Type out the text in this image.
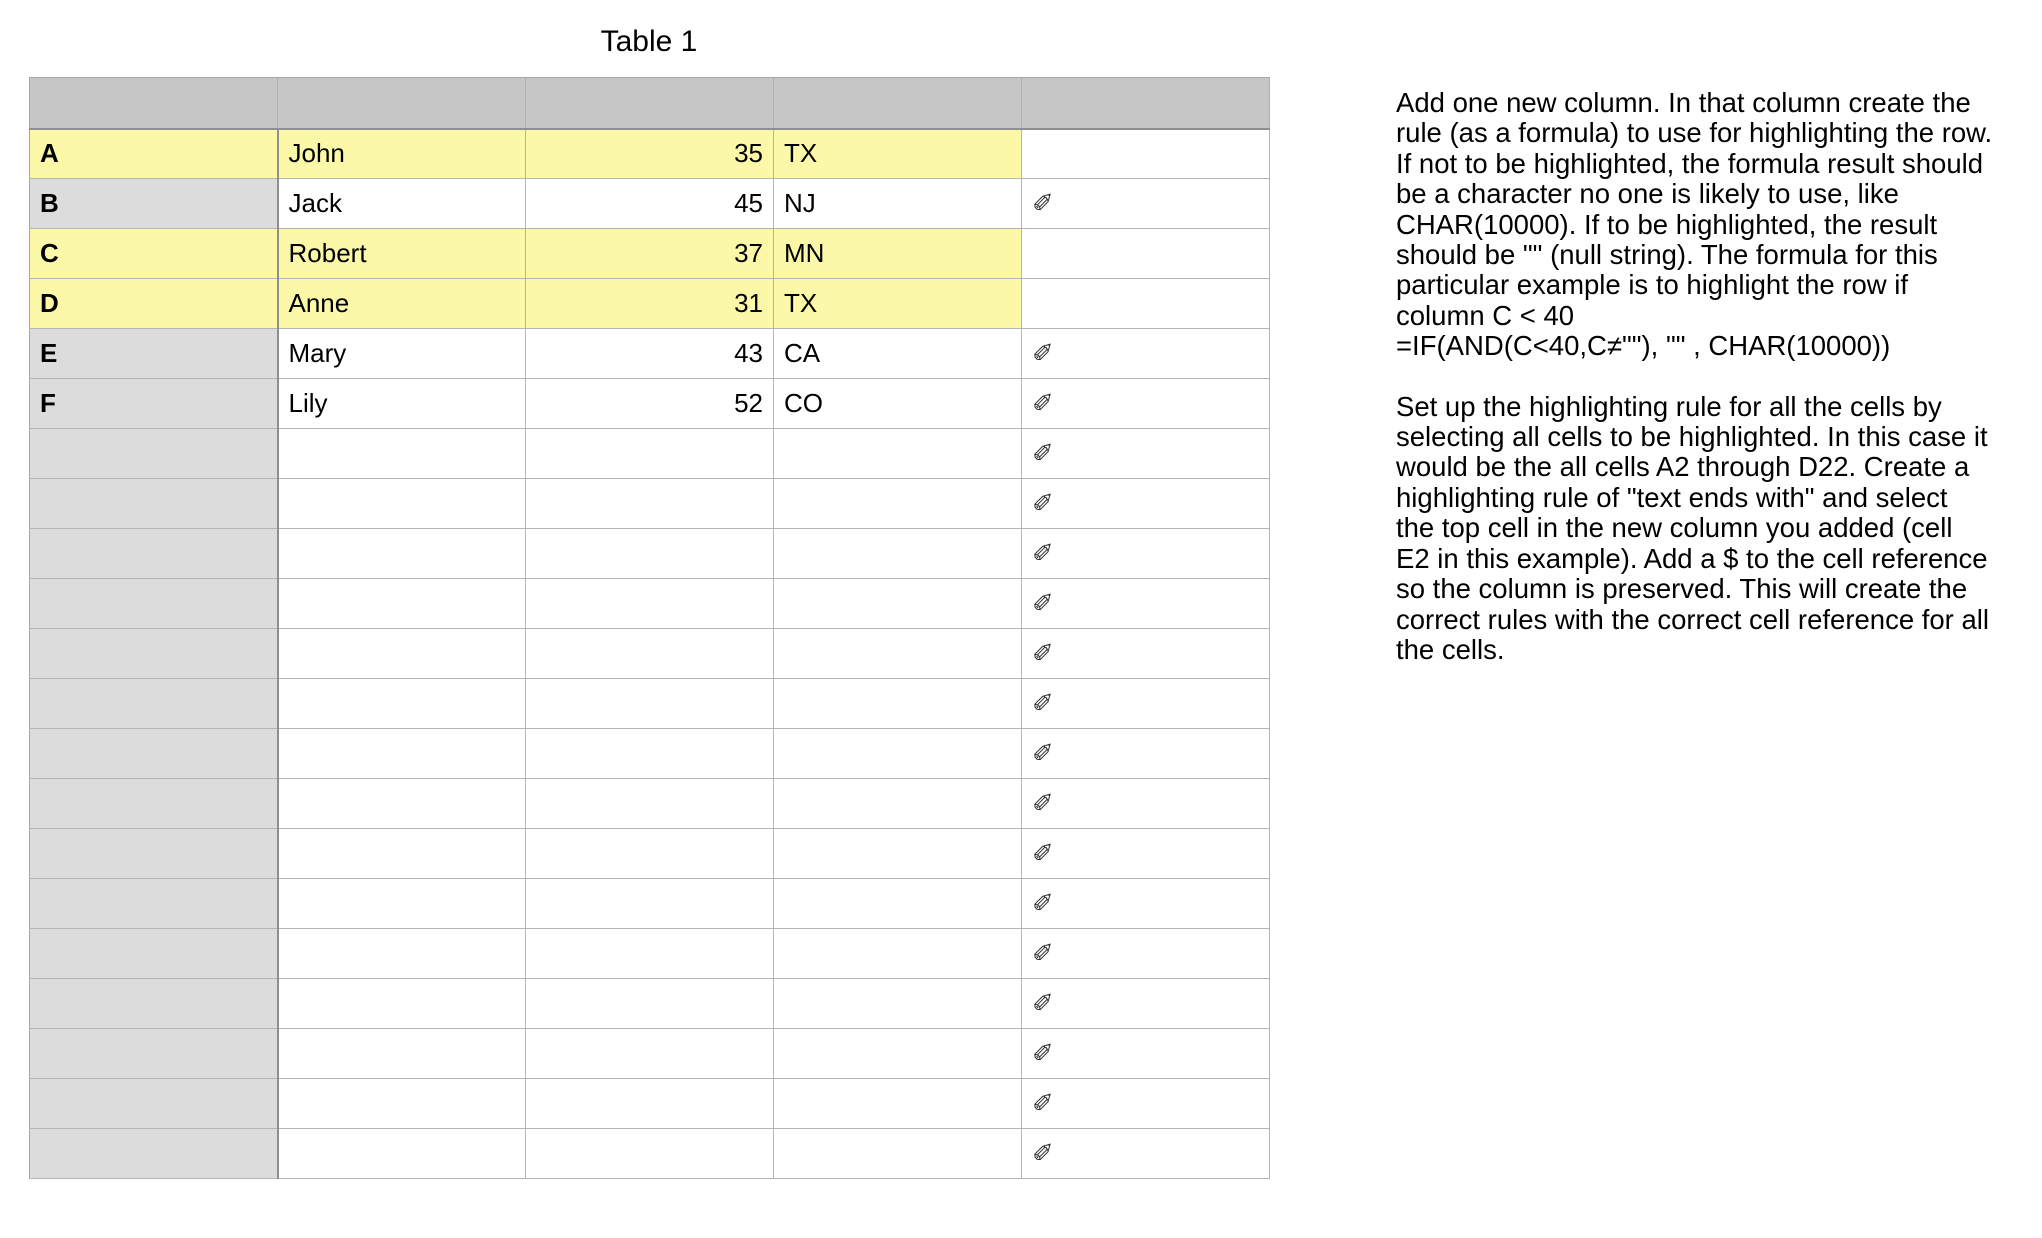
Table 1

A	John	35	TX	
B	Jack	45	NJ	✐
C	Robert	37	MN	
D	Anne	31	TX	
E	Mary	43	CA	✐
F	Lily	52	CO	✐
				✐
				✐
				✐
				✐
				✐
				✐
				✐
				✐
				✐
				✐
				✐
				✐
				✐
				✐
				✐

Add one new column. In that column create the
rule (as a formula) to use for highlighting the row.
If not to be highlighted, the formula result should
be a character no one is likely to use, like
CHAR(10000). If to be highlighted, the result
should be "" (null string). The formula for this
particular example is to highlight the row if
column C < 40
=IF(AND(C<40,C≠""), "" , CHAR(10000))

Set up the highlighting rule for all the cells by
selecting all cells to be highlighted. In this case it
would be the all cells A2 through D22. Create a
highlighting rule of "text ends with" and select
the top cell in the new column you added (cell
E2 in this example). Add a $ to the cell reference
so the column is preserved. This will create the
correct rules with the correct cell reference for all
the cells.
